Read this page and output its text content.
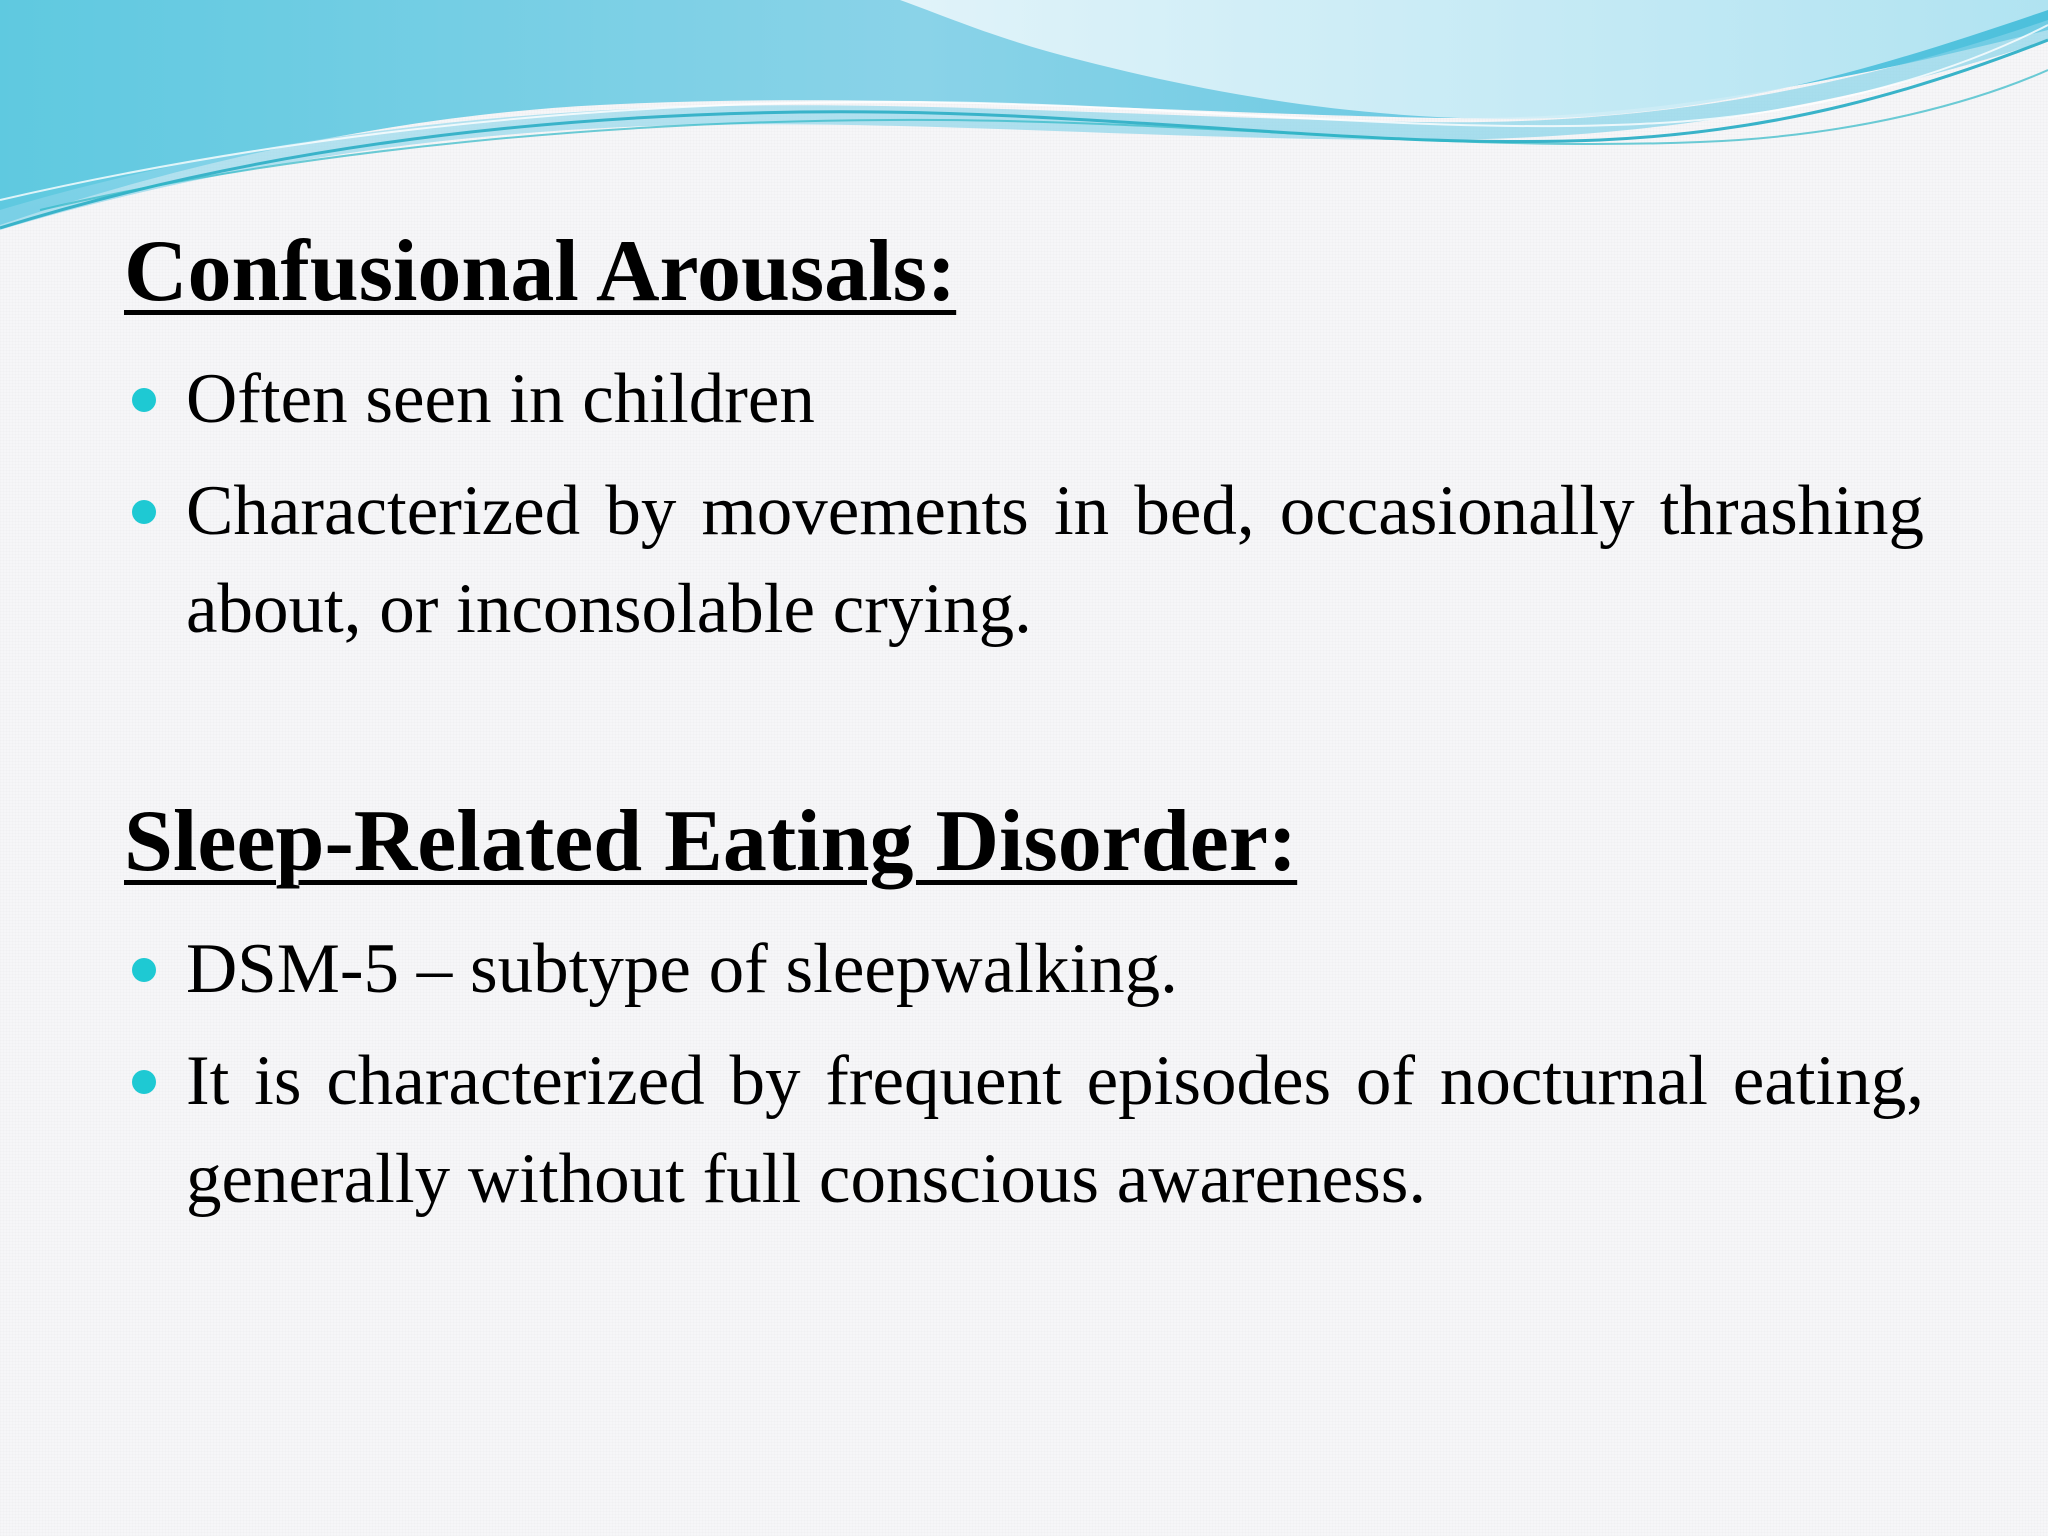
Confusional Arousals:
Often seen in children
Characterized by movements in bed, occasionally thrashing about, or inconsolable crying.
Sleep-Related Eating Disorder:
DSM-5 – subtype of sleepwalking.
It is characterized by frequent episodes of nocturnal eating, generally without full conscious awareness.
